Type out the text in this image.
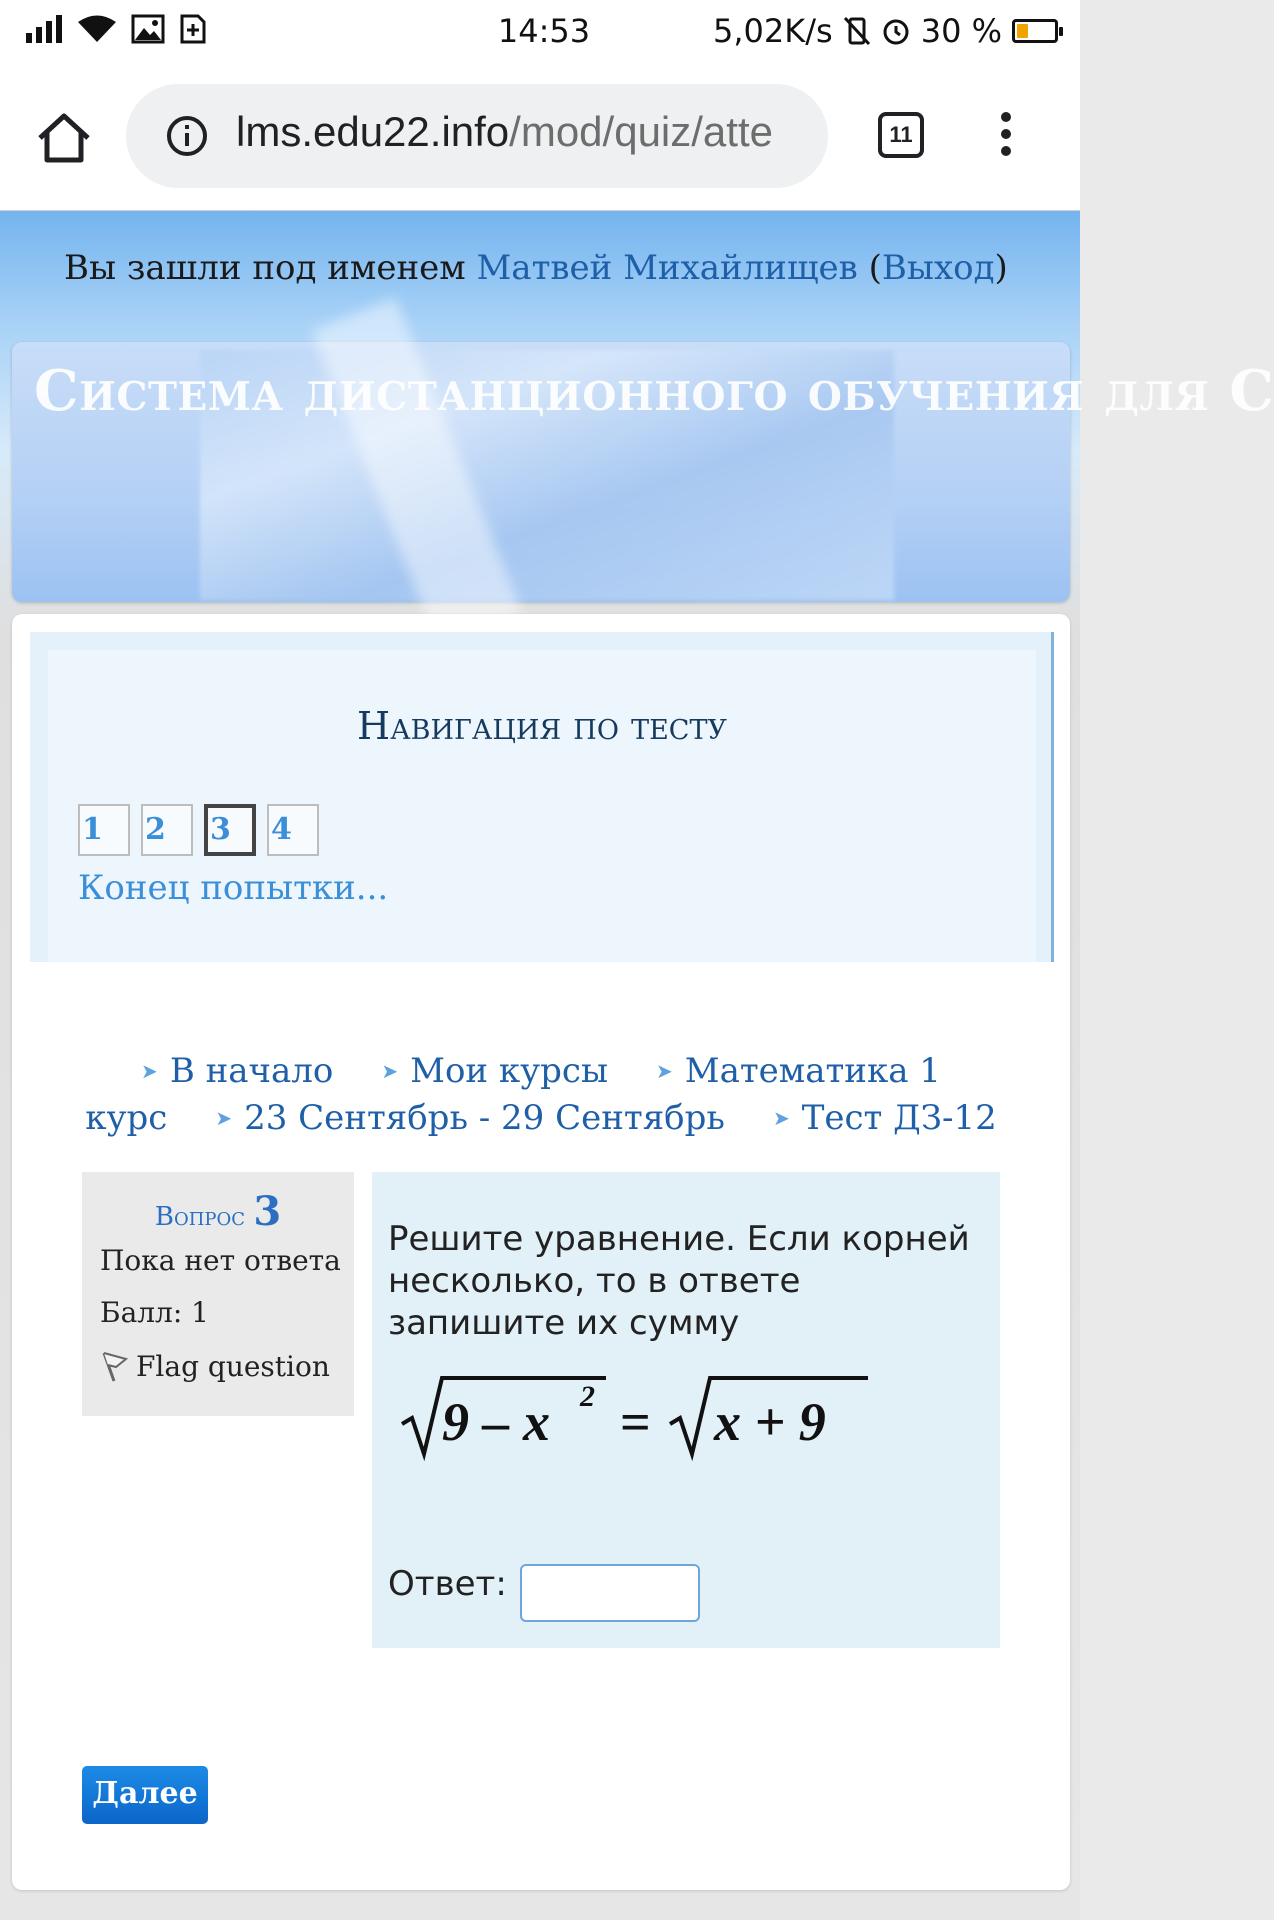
14:53	5,02K/s	30 %
lms.edu22.info/mod/quiz/atte	11
Вы зашли под именем Матвей Михайлищев (Выход)
Система дистанционного обучения для С
Навигация по тесту
1	2	3	4
Конец попытки...
➤ В начало ➤ Мои курсы ➤ Математика 1 курс ➤ 23 Сентябрь - 29 Сентябрь ➤ Тест ДЗ-12
Вопрос 3
Пока нет ответа
Балл: 1
Flag question
Решите уравнение. Если корней несколько, то в ответе запишите их сумму
9 – x 2 = x + 9
Ответ:
Далее
